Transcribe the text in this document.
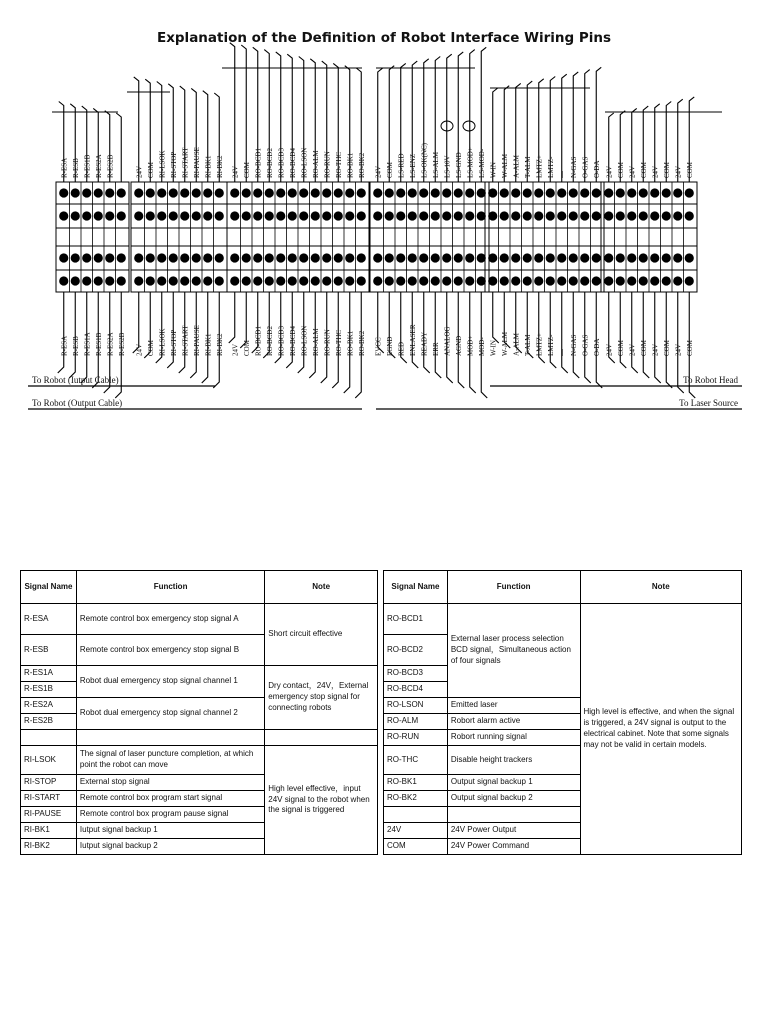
Explanation of the Definition of Robot Interface Wiring Pins
R-ESA R-ESB R-ES1B R-ES2A R-ES2B
R-ESA R-ESB R-ES1A R-ES1B R-ES2A R-ES2B
24V COM RI-LSOK RI-STOP RI-START RI-PAUSE RI-BK1 RI-BK2
24V COM RI-LSOK RI-STOP RI-START RI-PAUSE RI-BK1 RI-BK2
24V COM RO-BCD1 RO-BCD2 RO-BCD3 RO-BCD4 RO-LSON RO-ALM RO-RUN RO-THC RO-BK1 RO-BK2
24V COM RO-BCD1 RO-BCD2 RO-BCD3 RO-BCD4 RO-LSON RO-ALM RO-RUN RO-THC RO-BK1 RO-BK2
24V COM LS-RED LS-ENZ LS-OK(NC) LS-ALM LS-10V LS-GND LS-MOD+ LS-MOD-
EVCC EGND RED ENLASER READY ERR ANALOG AGND MOD+ MOD-
W-IN W-ALM A-ALM T-ALM LMTZ+ LMTZ- — N-GAS O-GAS O-DA
W-IN W-ALM A-ALM T-ALM LMTZ+ LMTZ- — N-GAS O-GAS O-DA
24V COM 24V COM 24V COM 24V COM
24V COM 24V COM 24V COM 24V COM
To Robot (Iutput Cable)
To Robot (Output Cable)
To Robot Head
To Laser Source
Signal Name	Function	Note
R-ESA	Remote control box emergency stop signal A	Short circuit effective
R-ESB	Remote control box emergency stop signal B	
R-ES1A	Robot dual emergency stop signal channel 1	Dry contact，24V，External emergency stop signal for connecting robots
R-ES1B		
R-ES2A	Robot dual emergency stop signal channel 2	
R-ES2B		

RI-LSOK	The signal of laser puncture completion, at which point the robot can move	High level effective，input 24V signal to the robot when the signal is triggered
RI-STOP	External stop signal	
RI-START	Remote control box program start signal	
RI-PAUSE	Remote control box program pause signal	
RI-BK1	Iutput signal backup 1	
RI-BK2	Iutput signal backup 2	
Signal Name	Function	Note
RO-BCD1	External laser process selection BCD signal，Simultaneous action of four signals	High level is effective, and when the signal is triggered, a 24V signal is output to the electrical cabinet. Note that some signals may not be valid in certain models.
RO-BCD2		
RO-BCD3		
RO-BCD4		
RO-LSON	Emitted laser	
RO-ALM	Robort alarm active	
RO-RUN	Robort running signal	
RO-THC	Disable height trackers	
RO-BK1	Output signal backup 1	
RO-BK2	Output signal backup 2	

24V	24V Power Output	
COM	24V Power Command	
